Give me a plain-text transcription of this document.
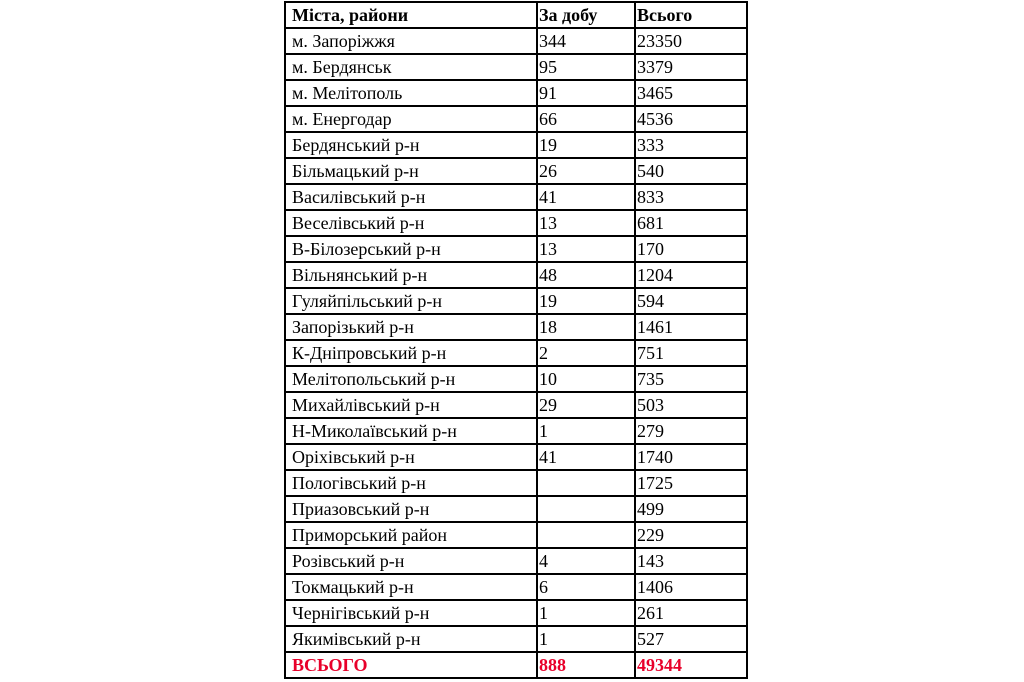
Міста, райони	За добу	Всього
м. Запоріжжя	344	23350
м. Бердянськ	95	3379
м. Мелітополь	91	3465
м. Енергодар	66	4536
Бердянський р-н	19	333
Більмацький р-н	26	540
Василівський р-н	41	833
Веселівський р-н	13	681
В-Білозерський р-н	13	170
Вільнянський р-н	48	1204
Гуляйпільський р-н	19	594
Запорізький р-н	18	1461
К-Дніпровський р-н	2	751
Мелітопольський р-н	10	735
Михайлівський р-н	29	503
Н-Миколаївський р-н	1	279
Оріхівський р-н	41	1740
Пологівський р-н		1725
Приазовський р-н		499
Приморський район		229
Розівський р-н	4	143
Токмацький р-н	6	1406
Чернігівський р-н	1	261
Якимівський р-н	1	527
ВСЬОГО	888	49344
